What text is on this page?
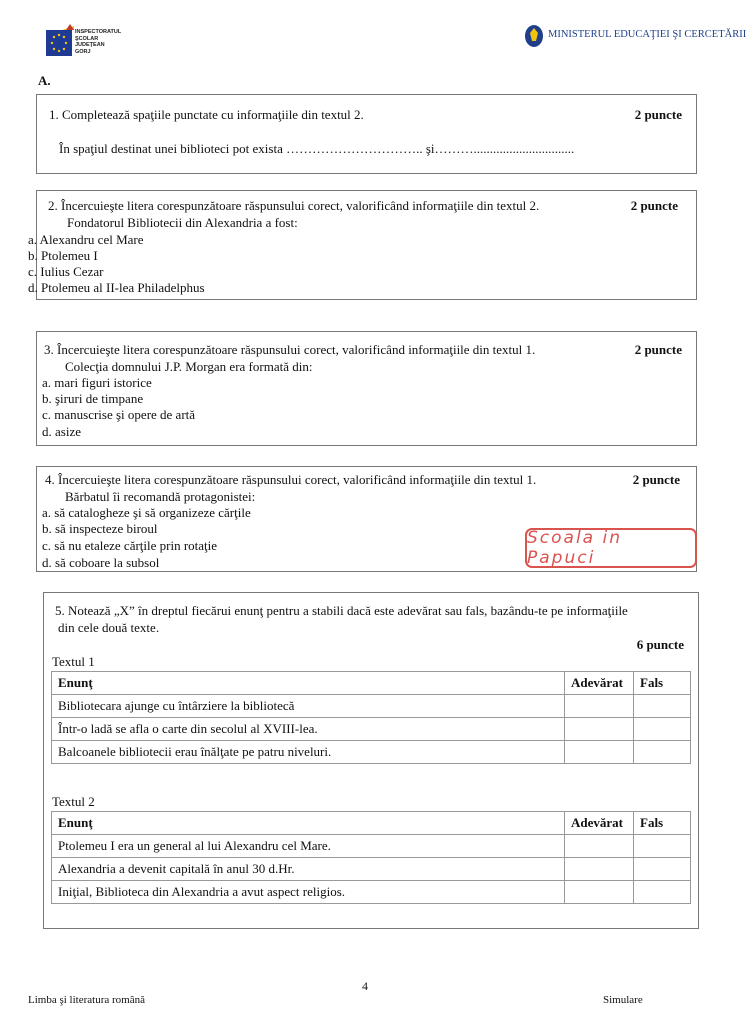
INSPECTORATUL
ŞCOLAR
JUDEŢEAN
GORJ
MINISTERUL EDUCAŢIEI ŞI CERCETĂRII
A.
1. Completează spaţiile punctate cu informaţiile din textul 2.	2 puncte
În spaţiul destinat unei biblioteci pot exista ………………………….. şi………...............................
2. Încercuieşte litera corespunzătoare răspunsului corect, valorificând informaţiile din textul 2.	2 puncte
Fondatorul Bibliotecii din Alexandria a fost:
a. Alexandru cel Mare
b. Ptolemeu I
c. Iulius Cezar
d. Ptolemeu al II-lea Philadelphus
3. Încercuieşte litera corespunzătoare răspunsului corect, valorificând informaţiile din textul 1.	2 puncte
Colecţia domnului J.P. Morgan era formată din:
a. mari figuri istorice
b. şiruri de timpane
c. manuscrise şi opere de artă
d. asize
4. Încercuieşte litera corespunzătoare răspunsului corect, valorificând informaţiile din textul 1.	2 puncte
Bărbatul îi recomandă protagonistei:
a. să catalogheze şi să organizeze cărţile
b. să inspecteze biroul
c. să nu etaleze cărţile prin rotaţie
d. să coboare la subsol
Scoala in Papuci
5. Notează „X” în dreptul fiecărui enunţ pentru a stabili dacă este adevărat sau fals, bazându-te pe informaţiile
din cele două texte.
6 puncte
Textul 1
Enunţ	Adevărat	Fals
Bibliotecara ajunge cu întârziere la bibliotecă		
Într-o ladă se afla o carte din secolul al XVIII-lea.		
Balcoanele bibliotecii erau înălţate pe patru niveluri.		
Textul 2
Enunţ	Adevărat	Fals
Ptolemeu I era un general al lui Alexandru cel Mare.		
Alexandria a devenit capitală în anul 30 d.Hr.		
Iniţial, Biblioteca din Alexandria a avut aspect religios.		
4
Limba şi literatura română	Simulare
